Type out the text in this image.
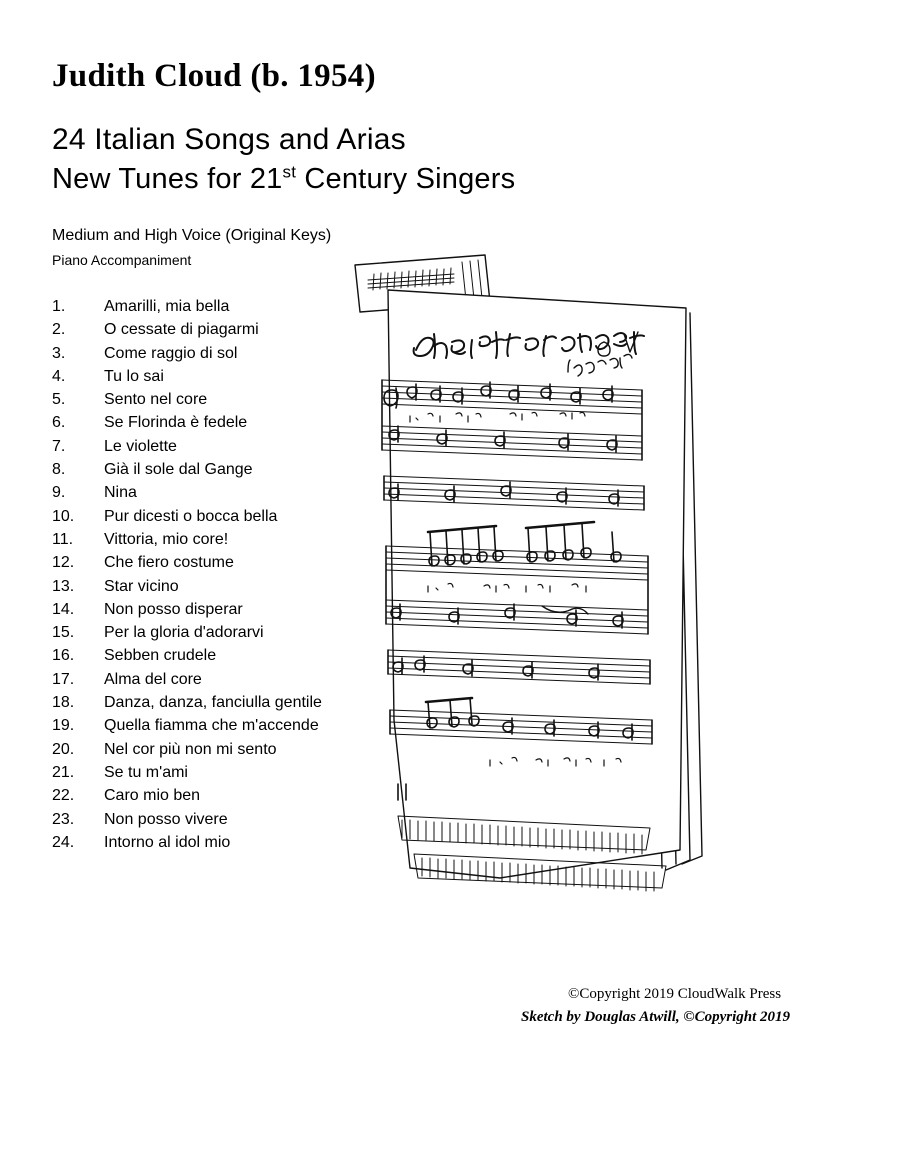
Judith Cloud (b. 1954)
24 Italian Songs and Arias
New Tunes for 21st Century Singers
Medium and High Voice (Original Keys)
Piano Accompaniment
1.	Amarilli, mia bella
2.	O cessate di piagarmi
3.	Come raggio di sol
4.	Tu lo sai
5.	Sento nel core
6.	Se Florinda è fedele
7.	Le violette
8.	Già il sole dal Gange
9.	Nina
10.	Pur dicesti o bocca bella
11.	Vittoria, mio core!
12.	Che fiero costume
13.	Star vicino
14.	Non posso disperar
15.	Per la gloria d'adorarvi
16.	Sebben crudele
17.	Alma del core
18.	Danza, danza, fanciulla gentile
19.	Quella fiamma che m'accende
20.	Nel cor più non mi sento
21.	Se tu m'ami
22.	Caro mio ben
23.	Non posso vivere
24.	Intorno al idol mio
©Copyright 2019 CloudWalk Press
Sketch by Douglas Atwill, ©Copyright 2019
